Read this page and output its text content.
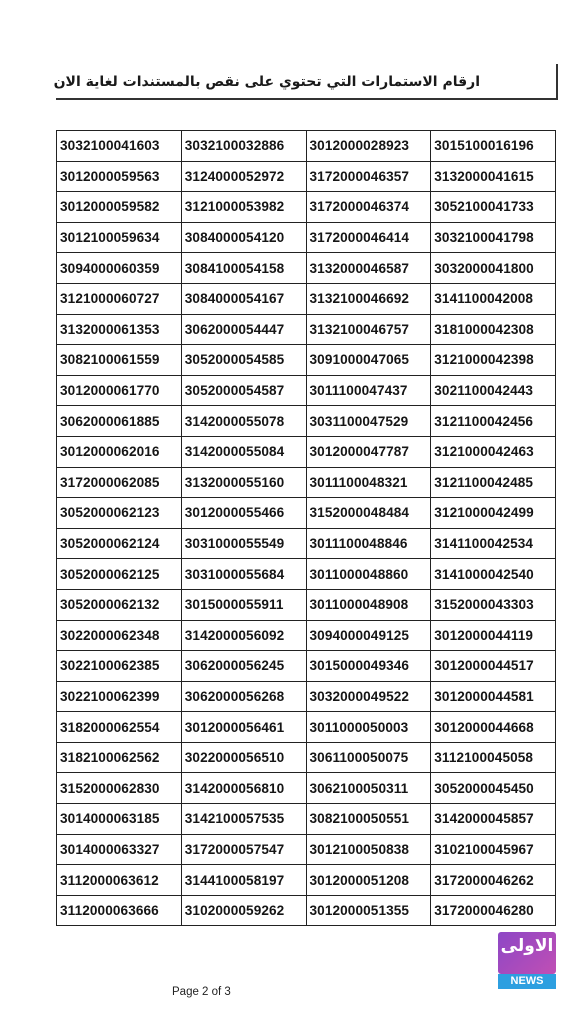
ارقام الاستمارات التي تحتوي على نقص بالمستندات لغاية الان
3032100041603	3032100032886	3012000028923	3015100016196
3012000059563	3124000052972	3172000046357	3132000041615
3012000059582	3121000053982	3172000046374	3052100041733
3012100059634	3084000054120	3172000046414	3032100041798
3094000060359	3084100054158	3132000046587	3032000041800
3121000060727	3084000054167	3132100046692	3141100042008
3132000061353	3062000054447	3132100046757	3181000042308
3082100061559	3052000054585	3091000047065	3121000042398
3012000061770	3052000054587	3011100047437	3021100042443
3062000061885	3142000055078	3031100047529	3121100042456
3012000062016	3142000055084	3012000047787	3121000042463
3172000062085	3132000055160	3011100048321	3121100042485
3052000062123	3012000055466	3152000048484	3121000042499
3052000062124	3031000055549	3011100048846	3141100042534
3052000062125	3031000055684	3011000048860	3141000042540
3052000062132	3015000055911	3011000048908	3152000043303
3022000062348	3142000056092	3094000049125	3012000044119
3022100062385	3062000056245	3015000049346	3012000044517
3022100062399	3062000056268	3032000049522	3012000044581
3182000062554	3012000056461	3011000050003	3012000044668
3182100062562	3022000056510	3061100050075	3112100045058
3152000062830	3142000056810	3062100050311	3052000045450
3014000063185	3142100057535	3082100050551	3142000045857
3014000063327	3172000057547	3012100050838	3102100045967
3112000063612	3144100058197	3012000051208	3172000046262
3112000063666	3102000059262	3012000051355	3172000046280
Page 2 of 3
الاولى
NEWS
